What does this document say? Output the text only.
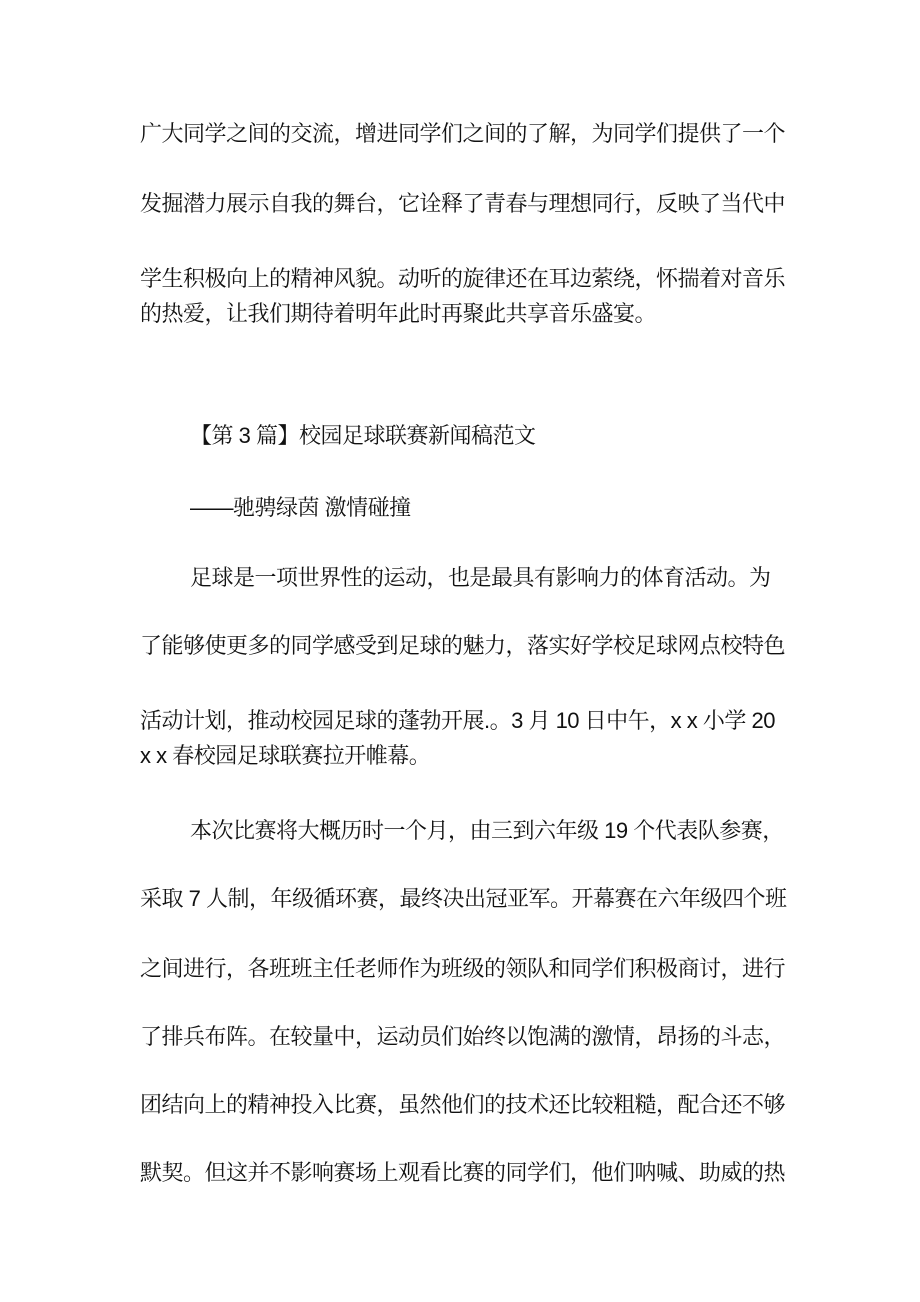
广大同学之间的交流，增进同学们之间的了解，为同学们提供了一个
发掘潜力展示自我的舞台，它诠释了青春与理想同行，反映了当代中
学生积极向上的精神风貌。动听的旋律还在耳边萦绕，怀揣着对音乐
的热爱，让我们期待着明年此时再聚此共享音乐盛宴。
【第 3 篇】校园足球联赛新闻稿范文
——驰骋绿茵 激情碰撞
足球是一项世界性的运动，也是最具有影响力的体育活动。为
了能够使更多的同学感受到足球的魅力，落实好学校足球网点校特色
活动计划，推动校园足球的蓬勃开展.。3 月 10 日中午，x x 小学 20
x x 春校园足球联赛拉开帷幕。
本次比赛将大概历时一个月，由三到六年级 19 个代表队参赛，
采取 7 人制，年级循环赛，最终决出冠亚军。开幕赛在六年级四个班
之间进行，各班班主任老师作为班级的领队和同学们积极商讨，进行
了排兵布阵。在较量中，运动员们始终以饱满的激情，昂扬的斗志，
团结向上的精神投入比赛，虽然他们的技术还比较粗糙，配合还不够
默契。但这并不影响赛场上观看比赛的同学们，他们呐喊、助威的热
